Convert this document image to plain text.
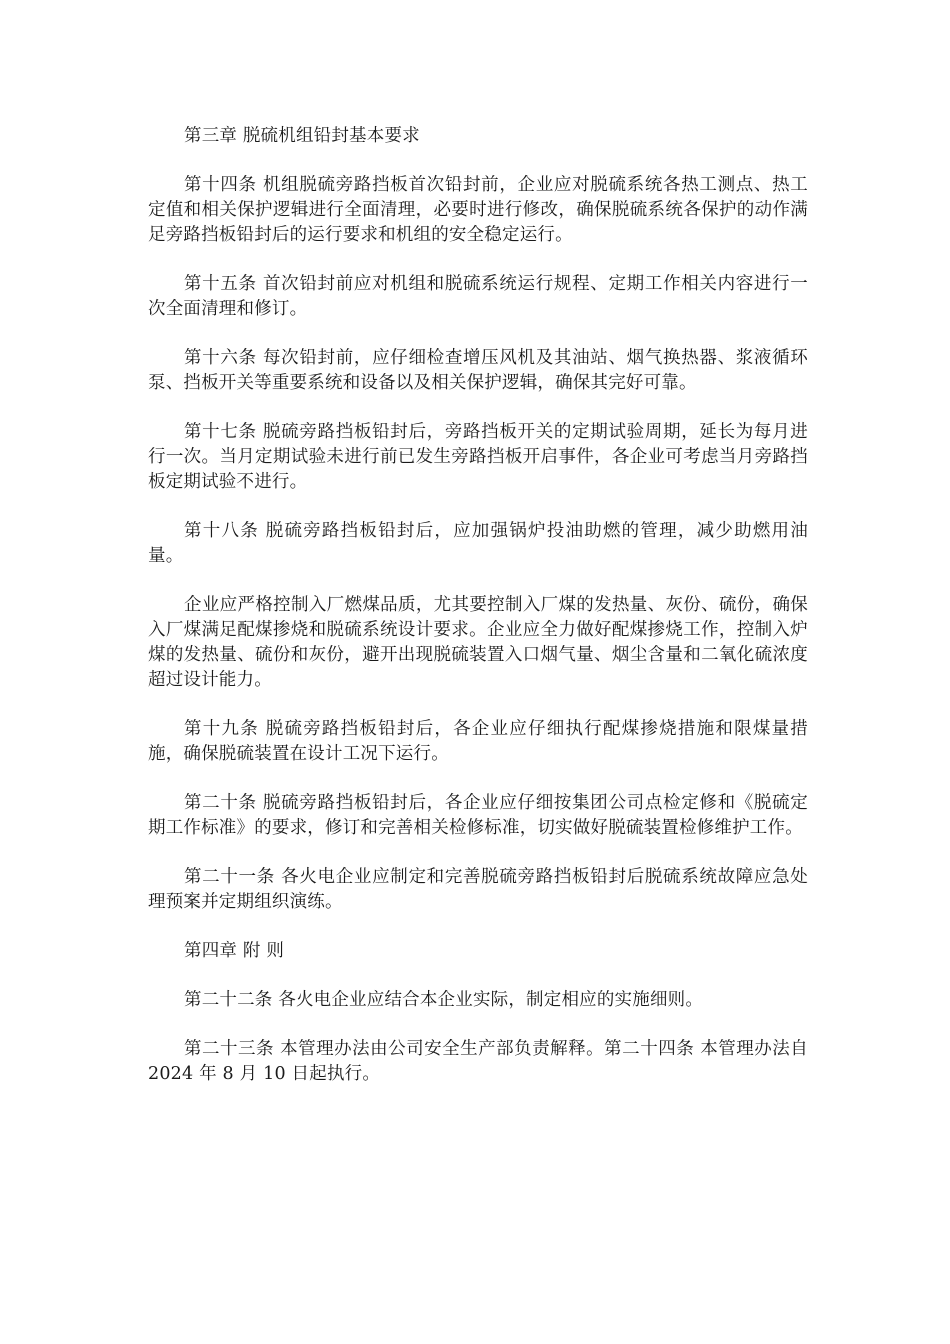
第三章 脱硫机组铅封基本要求

第十四条 机组脱硫旁路挡板首次铅封前，企业应对脱硫系统各热工测点、热工定值和相关保护逻辑进行全面清理，必要时进行修改，确保脱硫系统各保护的动作满足旁路挡板铅封后的运行要求和机组的安全稳定运行。

第十五条 首次铅封前应对机组和脱硫系统运行规程、定期工作相关内容进行一次全面清理和修订。

第十六条 每次铅封前，应仔细检查增压风机及其油站、烟气换热器、浆液循环泵、挡板开关等重要系统和设备以及相关保护逻辑，确保其完好可靠。

第十七条 脱硫旁路挡板铅封后，旁路挡板开关的定期试验周期，延长为每月进行一次。当月定期试验未进行前已发生旁路挡板开启事件，各企业可考虑当月旁路挡板定期试验不进行。

第十八条 脱硫旁路挡板铅封后，应加强锅炉投油助燃的管理，减少助燃用油量。

企业应严格控制入厂燃煤品质，尤其要控制入厂煤的发热量、灰份、硫份，确保入厂煤满足配煤掺烧和脱硫系统设计要求。企业应全力做好配煤掺烧工作，控制入炉煤的发热量、硫份和灰份，避开出现脱硫装置入口烟气量、烟尘含量和二氧化硫浓度超过设计能力。

第十九条 脱硫旁路挡板铅封后，各企业应仔细执行配煤掺烧措施和限煤量措施，确保脱硫装置在设计工况下运行。

第二十条 脱硫旁路挡板铅封后，各企业应仔细按集团公司点检定修和《脱硫定期工作标准》的要求，修订和完善相关检修标准，切实做好脱硫装置检修维护工作。

第二十一条 各火电企业应制定和完善脱硫旁路挡板铅封后脱硫系统故障应急处理预案并定期组织演练。

第四章 附 则

第二十二条 各火电企业应结合本企业实际，制定相应的实施细则。

第二十三条 本管理办法由公司安全生产部负责解释。第二十四条 本管理办法自 2024 年 8 月 10 日起执行。
